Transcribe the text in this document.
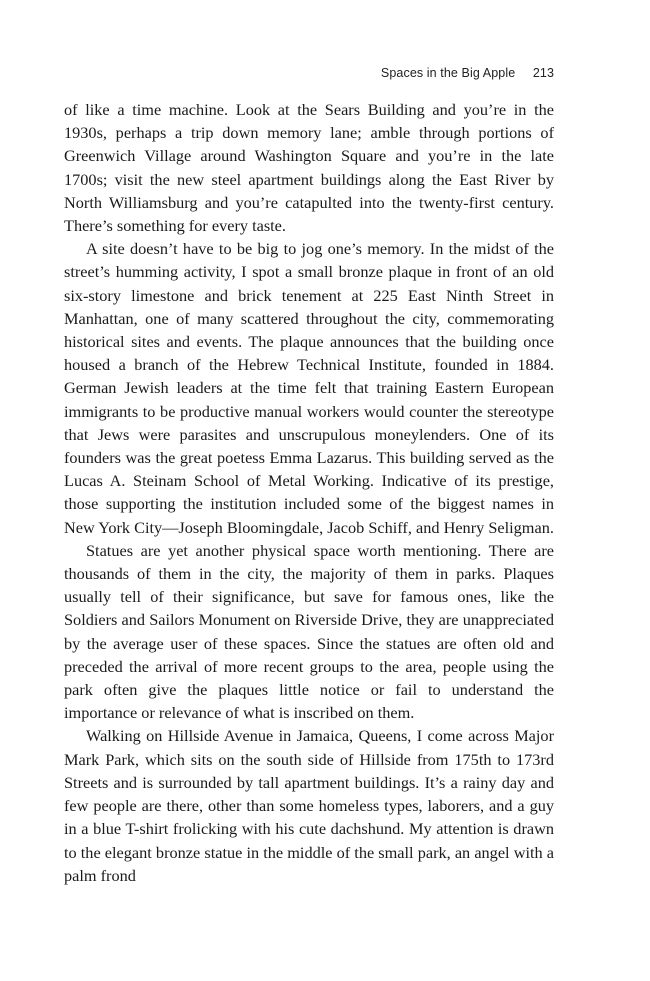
Spaces in the Big Apple 213

of like a time machine. Look at the Sears Building and you’re in the 1930s, perhaps a trip down memory lane; amble through portions of Greenwich Village around Washington Square and you’re in the late 1700s; visit the new steel apartment buildings along the East River by North Williamsburg and you’re catapulted into the twenty-first century. There’s something for every taste.

A site doesn’t have to be big to jog one’s memory. In the midst of the street’s humming activity, I spot a small bronze plaque in front of an old six-story limestone and brick tenement at 225 East Ninth Street in Manhattan, one of many scattered throughout the city, commemorating historical sites and events. The plaque announces that the building once housed a branch of the Hebrew Technical Institute, founded in 1884. German Jewish leaders at the time felt that training Eastern European immigrants to be productive manual workers would counter the stereotype that Jews were parasites and unscrupulous moneylenders. One of its founders was the great poetess Emma Lazarus. This building served as the Lucas A. Steinam School of Metal Working. Indicative of its prestige, those supporting the institution included some of the biggest names in New York City—Joseph Bloomingdale, Jacob Schiff, and Henry Seligman.

Statues are yet another physical space worth mentioning. There are thousands of them in the city, the majority of them in parks. Plaques usually tell of their significance, but save for famous ones, like the Soldiers and Sailors Monument on Riverside Drive, they are unappreciated by the average user of these spaces. Since the statues are often old and preceded the arrival of more recent groups to the area, people using the park often give the plaques little notice or fail to understand the importance or relevance of what is inscribed on them.

Walking on Hillside Avenue in Jamaica, Queens, I come across Major Mark Park, which sits on the south side of Hillside from 175th to 173rd Streets and is surrounded by tall apartment buildings. It’s a rainy day and few people are there, other than some homeless types, laborers, and a guy in a blue T-shirt frolicking with his cute dachshund. My attention is drawn to the elegant bronze statue in the middle of the small park, an angel with a palm frond
